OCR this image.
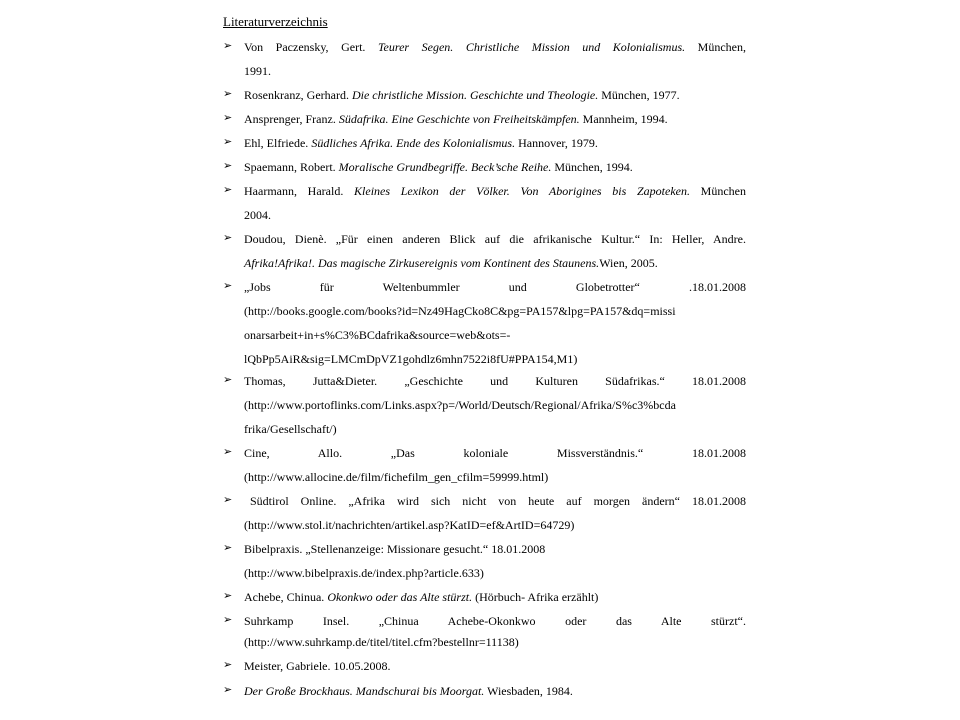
Literaturverzeichnis
➢ Von Paczensky, Gert. Teurer Segen. Christliche Mission und Kolonialismus. München,
1991.
➢ Rosenkranz, Gerhard. Die christliche Mission. Geschichte und Theologie. München, 1977.
➢ Ansprenger, Franz. Südafrika. Eine Geschichte von Freiheitskämpfen. Mannheim, 1994.
➢ Ehl, Elfriede. Südliches Afrika. Ende des Kolonialismus. Hannover, 1979.
➢ Spaemann, Robert. Moralische Grundbegriffe. Beck’sche Reihe. München, 1994.
➢ Haarmann, Harald. Kleines Lexikon der Völker. Von Aborigines bis Zapoteken. München
2004.
➢ Doudou, Dienè. „Für einen anderen Blick auf die afrikanische Kultur.“ In: Heller, Andre.
Afrika!Afrika!. Das magische Zirkusereignis vom Kontinent des Staunens.Wien, 2005.
➢ „Jobs für Weltenbummler und Globetrotter“ .18.01.2008
(http://books.google.com/books?id=Nz49HagCko8C&pg=PA157&lpg=PA157&dq=missi
onarsarbeit+in+s%C3%BCdafrika&source=web&ots=-
lQbPp5AiR&sig=LMCmDpVZ1gohdlz6mhn7522i8fU#PPA154,M1)
➢ Thomas, Jutta&Dieter. „Geschichte und Kulturen Südafrikas.“ 18.01.2008
(http://www.portoflinks.com/Links.aspx?p=/World/Deutsch/Regional/Afrika/S%c3%bcda
frika/Gesellschaft/)
➢ Cine, Allo. „Das koloniale Missverständnis.“ 18.01.2008
(http://www.allocine.de/film/fichefilm_gen_cfilm=59999.html)
➢ Südtirol Online. „Afrika wird sich nicht von heute auf morgen ändern“ 18.01.2008
(http://www.stol.it/nachrichten/artikel.asp?KatID=ef&ArtID=64729)
➢ Bibelpraxis. „Stellenanzeige: Missionare gesucht.“ 18.01.2008
(http://www.bibelpraxis.de/index.php?article.633)
➢ Achebe, Chinua. Okonkwo oder das Alte stürzt. (Hörbuch- Afrika erzählt)
➢ Suhrkamp Insel. „Chinua Achebe-Okonkwo oder das Alte stürzt“.
(http://www.suhrkamp.de/titel/titel.cfm?bestellnr=11138)
➢ Meister, Gabriele. 10.05.2008.
➢ Der Große Brockhaus. Mandschurai bis Moorgat. Wiesbaden, 1984.
